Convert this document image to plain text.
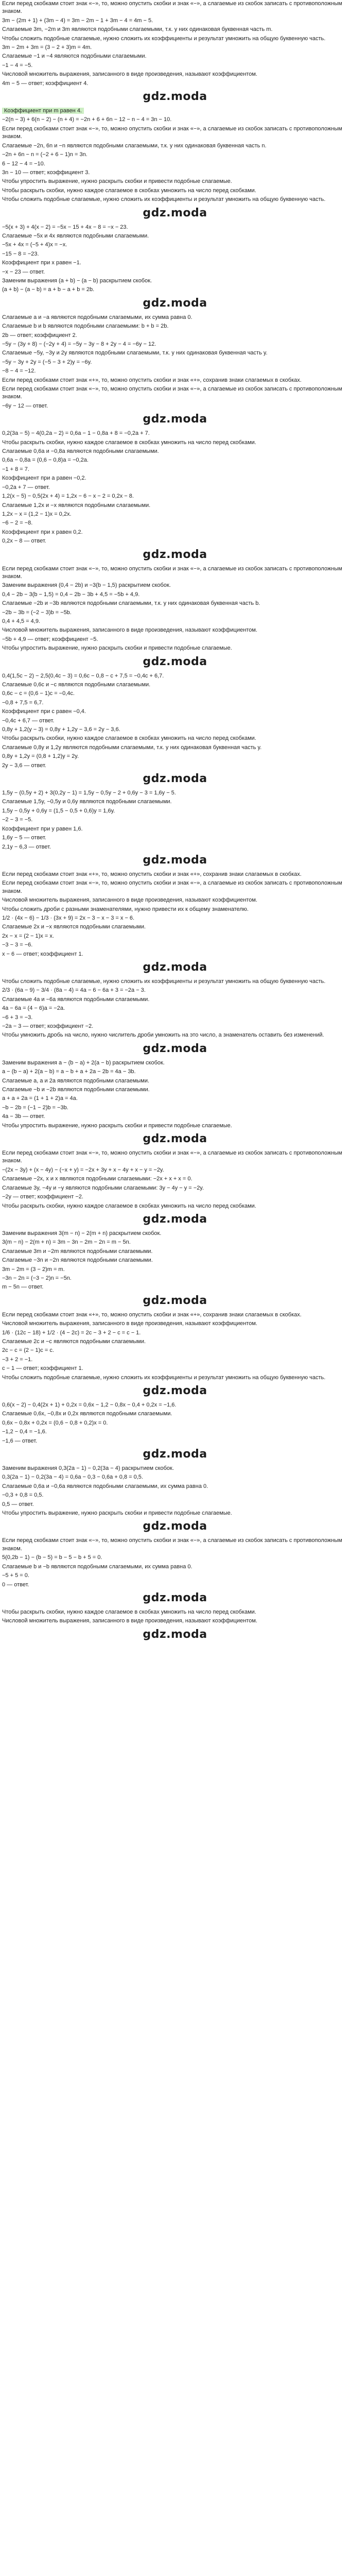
Если перед скобками стоит знак «−», то, можно опустить скобки и знак «−», а слагаемые из скобок записать с противоположным знаком.

3m − (2m + 1) + (3m − 4) = 3m − 2m − 1 + 3m − 4 = 4m − 5.

Слагаемые 3m, −2m и 3m являются подобными слагаемыми, т.к. у них одинаковая буквенная часть m.

Чтобы сложить подобные слагаемые, нужно сложить их коэффициенты и результат умножить на общую буквенную часть.

3m − 2m + 3m = (3 − 2 + 3)m = 4m.

Слагаемые −1 и −4 являются подобными слагаемыми.

−1 − 4 = −5.

Числовой множитель выражения, записанного в виде произведения, называют коэффициентом.

4m − 5 — ответ; коэффициент 4.

gdz.moda

Коэффициент при m равен 4.

−2(n − 3) + 6(n − 2) − (n + 4) = −2n + 6 + 6n − 12 − n − 4 = 3n − 10.

Если перед скобками стоит знак «−», то, можно опустить скобки и знак «−», а слагаемые из скобок записать с противоположным знаком.

Слагаемые −2n, 6n и −n являются подобными слагаемыми, т.к. у них одинаковая буквенная часть n.

−2n + 6n − n = (−2 + 6 − 1)n = 3n.

6 − 12 − 4 = −10.

3n − 10 — ответ; коэффициент 3.

Чтобы упростить выражение, нужно раскрыть скобки и привести подобные слагаемые.

Чтобы раскрыть скобки, нужно каждое слагаемое в скобках умножить на число перед скобками.

Чтобы сложить подобные слагаемые, нужно сложить их коэффициенты и результат умножить на общую буквенную часть.

gdz.moda

−5(x + 3) + 4(x − 2) = −5x − 15 + 4x − 8 = −x − 23.

Слагаемые −5x и 4x являются подобными слагаемыми.

−5x + 4x = (−5 + 4)x = −x.

−15 − 8 = −23.

Коэффициент при x равен −1.

−x − 23 — ответ.

Заменим выражения (a + b) − (a − b) раскрытием скобок.

(a + b) − (a − b) = a + b − a + b = 2b.

gdz.moda

Слагаемые a и −a являются подобными слагаемыми, их сумма равна 0.

Слагаемые b и b являются подобными слагаемыми: b + b = 2b.

2b — ответ; коэффициент 2.

−5y − (3y + 8) − (−2y + 4) = −5y − 3y − 8 + 2y − 4 = −6y − 12.

Слагаемые −5y, −3y и 2y являются подобными слагаемыми, т.к. у них одинаковая буквенная часть y.

−5y − 3y + 2y = (−5 − 3 + 2)y = −6y.

−8 − 4 = −12.

Если перед скобками стоит знак «+», то, можно опустить скобки и знак «+», сохранив знаки слагаемых в скобках.

Если перед скобками стоит знак «−», то, можно опустить скобки и знак «−», а слагаемые из скобок записать с противоположным знаком.

−6y − 12 — ответ.

gdz.moda

0,2(3a − 5) − 4(0,2a − 2) = 0,6a − 1 − 0,8a + 8 = −0,2a + 7.

Чтобы раскрыть скобки, нужно каждое слагаемое в скобках умножить на число перед скобками.

Слагаемые 0,6a и −0,8a являются подобными слагаемыми.

0,6a − 0,8a = (0,6 − 0,8)a = −0,2a.

−1 + 8 = 7.

Коэффициент при a равен −0,2.

−0,2a + 7 — ответ.

1,2(x − 5) − 0,5(2x + 4) = 1,2x − 6 − x − 2 = 0,2x − 8.

Слагаемые 1,2x и −x являются подобными слагаемыми.

1,2x − x = (1,2 − 1)x = 0,2x.

−6 − 2 = −8.

Коэффициент при x равен 0,2.

0,2x − 8 — ответ.

gdz.moda

Если перед скобками стоит знак «−», то, можно опустить скобки и знак «−», а слагаемые из скобок записать с противоположным знаком.

Заменим выражения (0,4 − 2b) и −3(b − 1,5) раскрытием скобок.

0,4 − 2b − 3(b − 1,5) = 0,4 − 2b − 3b + 4,5 = −5b + 4,9.

Слагаемые −2b и −3b являются подобными слагаемыми, т.к. у них одинаковая буквенная часть b.

−2b − 3b = (−2 − 3)b = −5b.

0,4 + 4,5 = 4,9.

Числовой множитель выражения, записанного в виде произведения, называют коэффициентом.

−5b + 4,9 — ответ; коэффициент −5.

Чтобы упростить выражение, нужно раскрыть скобки и привести подобные слагаемые.

gdz.moda

0,4(1,5c − 2) − 2,5(0,4c − 3) = 0,6c − 0,8 − c + 7,5 = −0,4c + 6,7.

Слагаемые 0,6c и −c являются подобными слагаемыми.

0,6c − c = (0,6 − 1)c = −0,4c.

−0,8 + 7,5 = 6,7.

Коэффициент при c равен −0,4.

−0,4c + 6,7 — ответ.

0,8y + 1,2(y − 3) = 0,8y + 1,2y − 3,6 = 2y − 3,6.

Чтобы раскрыть скобки, нужно каждое слагаемое в скобках умножить на число перед скобками.

Слагаемые 0,8y и 1,2y являются подобными слагаемыми, т.к. у них одинаковая буквенная часть y.

0,8y + 1,2y = (0,8 + 1,2)y = 2y.

2y − 3,6 — ответ.

gdz.moda

1,5y − (0,5y + 2) + 3(0,2y − 1) = 1,5y − 0,5y − 2 + 0,6y − 3 = 1,6y − 5.

Слагаемые 1,5y, −0,5y и 0,6y являются подобными слагаемыми.

1,5y − 0,5y + 0,6y = (1,5 − 0,5 + 0,6)y = 1,6y.

−2 − 3 = −5.

Коэффициент при y равен 1,6.

1,6y − 5 — ответ.

2,1y − 6,3 — ответ.

gdz.moda

Если перед скобками стоит знак «+», то, можно опустить скобки и знак «+», сохранив знаки слагаемых в скобках.

Если перед скобками стоит знак «−», то, можно опустить скобки и знак «−», а слагаемые из скобок записать с противоположным знаком.

Числовой множитель выражения, записанного в виде произведения, называют коэффициентом.

Чтобы сложить дроби с разными знаменателями, нужно привести их к общему знаменателю.

1/2 · (4x − 6) − 1/3 · (3x + 9) = 2x − 3 − x − 3 = x − 6.

Слагаемые 2x и −x являются подобными слагаемыми.

2x − x = (2 − 1)x = x.

−3 − 3 = −6.

x − 6 — ответ; коэффициент 1.

gdz.moda

Чтобы сложить подобные слагаемые, нужно сложить их коэффициенты и результат умножить на общую буквенную часть.

2/3 · (6a − 9) − 3/4 · (8a − 4) = 4a − 6 − 6a + 3 = −2a − 3.

Слагаемые 4a и −6a являются подобными слагаемыми.

4a − 6a = (4 − 6)a = −2a.

−6 + 3 = −3.

−2a − 3 — ответ; коэффициент −2.

Чтобы умножить дробь на число, нужно числитель дроби умножить на это число, а знаменатель оставить без изменений.

gdz.moda

Заменим выражения a − (b − a) + 2(a − b) раскрытием скобок.

a − (b − a) + 2(a − b) = a − b + a + 2a − 2b = 4a − 3b.

Слагаемые a, a и 2a являются подобными слагаемыми.

Слагаемые −b и −2b являются подобными слагаемыми.

a + a + 2a = (1 + 1 + 2)a = 4a.

−b − 2b = (−1 − 2)b = −3b.

4a − 3b — ответ.

Чтобы упростить выражение, нужно раскрыть скобки и привести подобные слагаемые.

gdz.moda

Если перед скобками стоит знак «−», то, можно опустить скобки и знак «−», а слагаемые из скобок записать с противоположным знаком.

−(2x − 3y) + (x − 4y) − (−x + y) = −2x + 3y + x − 4y + x − y = −2y.

Слагаемые −2x, x и x являются подобными слагаемыми: −2x + x + x = 0.

Слагаемые 3y, −4y и −y являются подобными слагаемыми: 3y − 4y − y = −2y.

−2y — ответ; коэффициент −2.

Чтобы раскрыть скобки, нужно каждое слагаемое в скобках умножить на число перед скобками.

gdz.moda

Заменим выражения 3(m − n) − 2(m + n) раскрытием скобок.

3(m − n) − 2(m + n) = 3m − 3n − 2m − 2n = m − 5n.

Слагаемые 3m и −2m являются подобными слагаемыми.

Слагаемые −3n и −2n являются подобными слагаемыми.

3m − 2m = (3 − 2)m = m.

−3n − 2n = (−3 − 2)n = −5n.

m − 5n — ответ.

gdz.moda

Если перед скобками стоит знак «+», то, можно опустить скобки и знак «+», сохранив знаки слагаемых в скобках.

Числовой множитель выражения, записанного в виде произведения, называют коэффициентом.

1/6 · (12c − 18) + 1/2 · (4 − 2c) = 2c − 3 + 2 − c = c − 1.

Слагаемые 2c и −c являются подобными слагаемыми.

2c − c = (2 − 1)c = c.

−3 + 2 = −1.

c − 1 — ответ; коэффициент 1.

Чтобы сложить подобные слагаемые, нужно сложить их коэффициенты и результат умножить на общую буквенную часть.

gdz.moda

0,6(x − 2) − 0,4(2x + 1) + 0,2x = 0,6x − 1,2 − 0,8x − 0,4 + 0,2x = −1,6.

Слагаемые 0,6x, −0,8x и 0,2x являются подобными слагаемыми.

0,6x − 0,8x + 0,2x = (0,6 − 0,8 + 0,2)x = 0.

−1,2 − 0,4 = −1,6.

−1,6 — ответ.

gdz.moda

Заменим выражения 0,3(2a − 1) − 0,2(3a − 4) раскрытием скобок.

0,3(2a − 1) − 0,2(3a − 4) = 0,6a − 0,3 − 0,6a + 0,8 = 0,5.

Слагаемые 0,6a и −0,6a являются подобными слагаемыми, их сумма равна 0.

−0,3 + 0,8 = 0,5.

0,5 — ответ.

Чтобы упростить выражение, нужно раскрыть скобки и привести подобные слагаемые.

gdz.moda

Если перед скобками стоит знак «−», то, можно опустить скобки и знак «−», а слагаемые из скобок записать с противоположным знаком.

5(0,2b − 1) − (b − 5) = b − 5 − b + 5 = 0.

Слагаемые b и −b являются подобными слагаемыми, их сумма равна 0.

−5 + 5 = 0.

0 — ответ.

gdz.moda

Чтобы раскрыть скобки, нужно каждое слагаемое в скобках умножить на число перед скобками.

Числовой множитель выражения, записанного в виде произведения, называют коэффициентом.

gdz.moda
